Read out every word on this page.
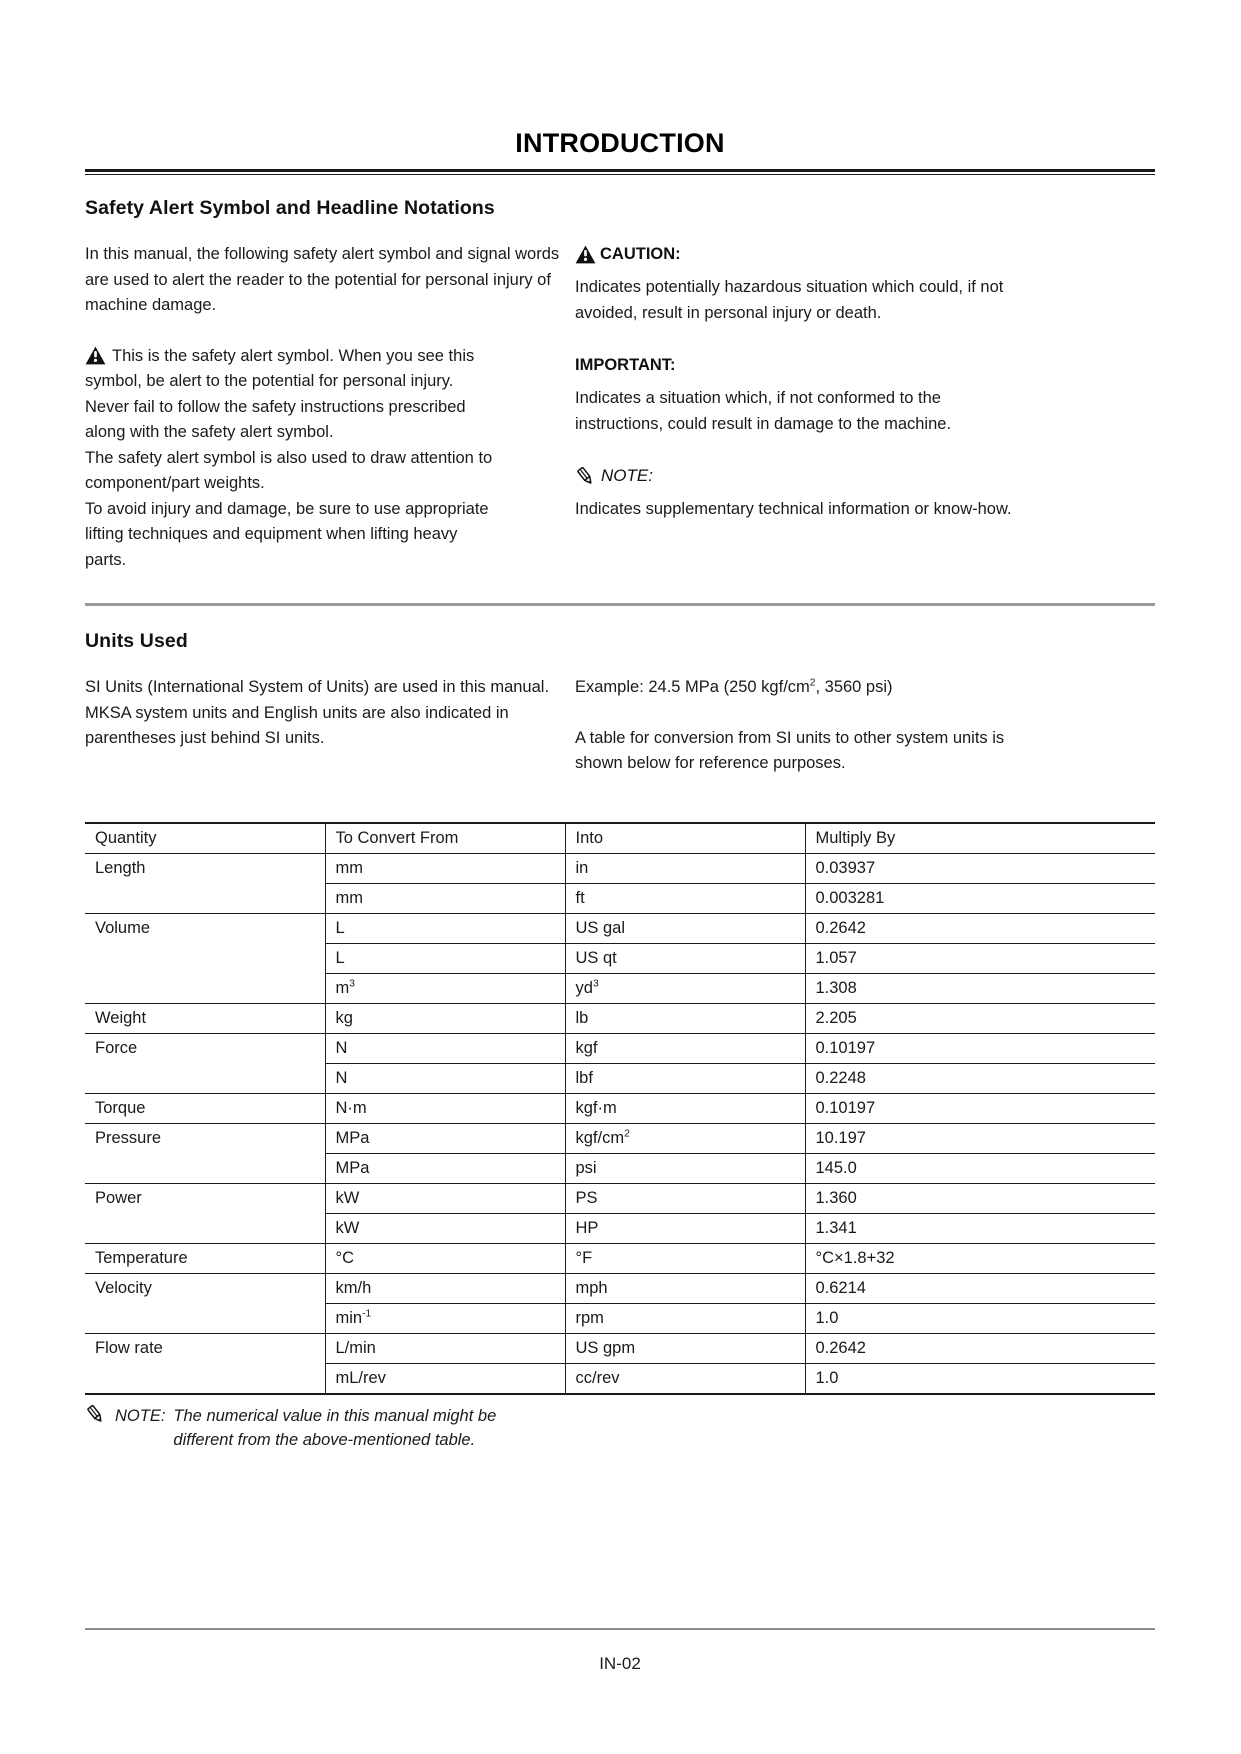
INTRODUCTION
Safety Alert Symbol and Headline Notations

In this manual, the following safety alert symbol and signal words are used to alert the reader to the potential for personal injury of machine damage.

This is the safety alert symbol. When you see this
symbol, be alert to the potential for personal injury.
Never fail to follow the safety instructions prescribed
along with the safety alert symbol.
The safety alert symbol is also used to draw attention to
component/part weights.
To avoid injury and damage, be sure to use appropriate
lifting techniques and equipment when lifting heavy
parts.

CAUTION:
Indicates potentially hazardous situation which could, if not avoided, result in personal injury or death.
IMPORTANT:
Indicates a situation which, if not conformed to the instructions, could result in damage to the machine.
NOTE:
Indicates supplementary technical information or know-how.
Units Used

SI Units (International System of Units) are used in this manual. MKSA system units and English units are also indicated in parentheses just behind SI units.

Example: 24.5 MPa (250 kgf/$cm^2$, 3560 psi)

A table for conversion from SI units to other system units is shown below for reference purposes.

Quantity	To Convert From	Into	Multiply By
Length	mm	in	0.03937
	mm	ft	0.003281
Volume	L	US gal	0.2642
	L	US qt	1.057
	$m^3$	$yd^3$	1.308
Weight	kg	lb	2.205
Force	N	kgf	0.10197
	N	lbf	0.2248
Torque	N·m	kgf·m	0.10197
Pressure	MPa	kgf/$cm^2$	10.197
	MPa	psi	145.0
Power	kW	PS	1.360
	kW	HP	1.341
Temperature	°C	°F	°C×1.8+32
Velocity	km/h	mph	0.6214
	$\min^{-1}$	rpm	1.0
Flow rate	L/min	US gpm	0.2642
	mL/rev	cc/rev	1.0

NOTE: The numerical value in this manual might be different from the above-mentioned table.
IN-02
